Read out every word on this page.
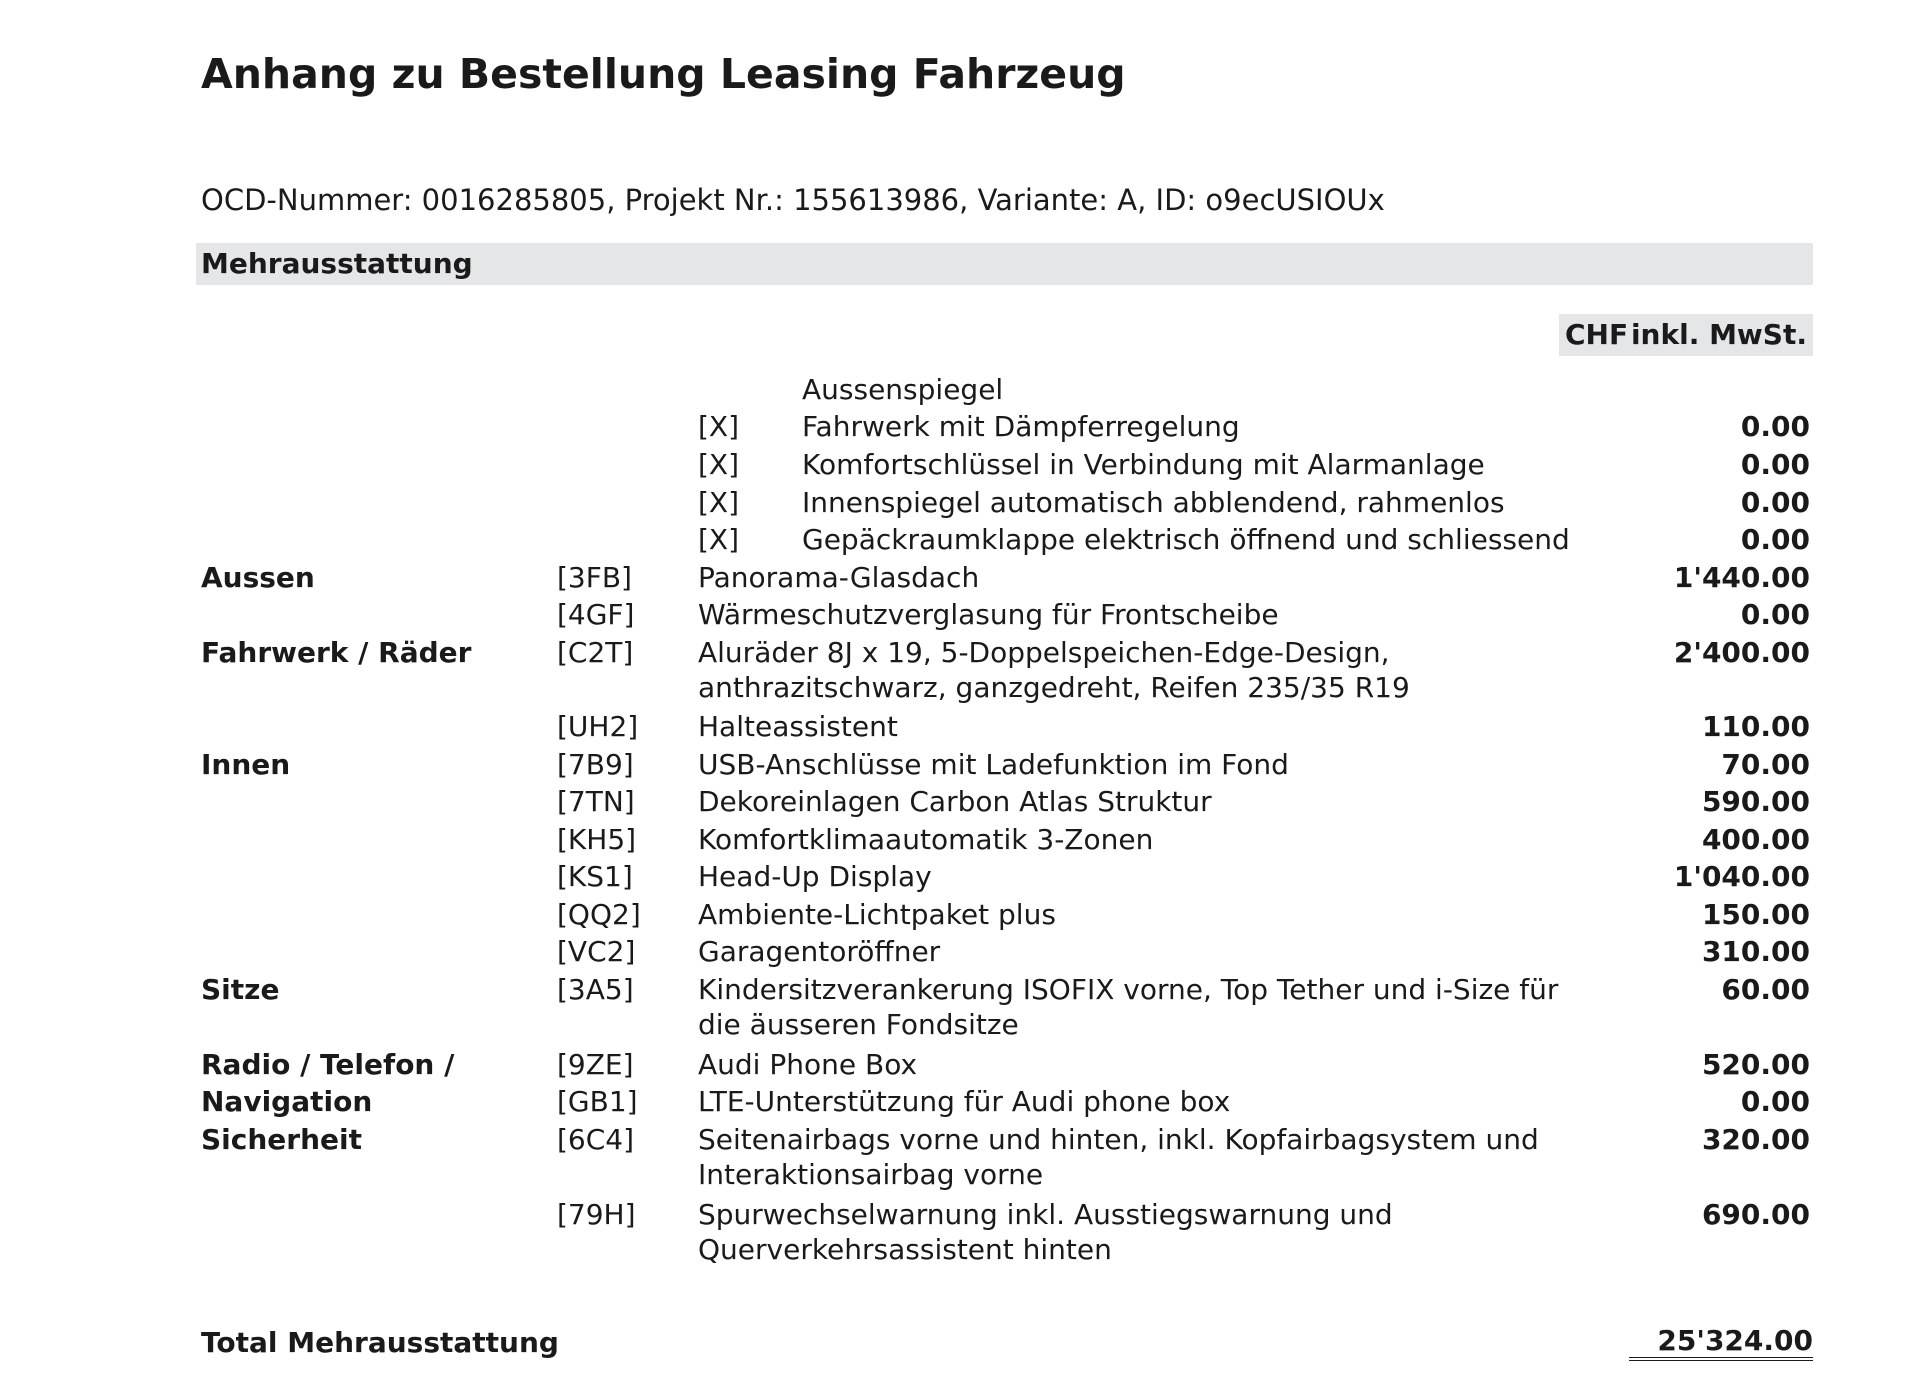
Anhang zu Bestellung Leasing Fahrzeug
OCD-Nummer: 0016285805, Projekt Nr.: 155613986, Variante: A, ID: o9ecUSIOUx
Mehrausstattung
CHF inkl. MwSt.
Aussenspiegel
[X] Fahrwerk mit Dämpferregelung	0.00
[X] Komfortschlüssel in Verbindung mit Alarmanlage	0.00
[X] Innenspiegel automatisch abblendend, rahmenlos	0.00
[X] Gepäckraumklappe elektrisch öffnend und schliessend	0.00
Aussen	[3FB] Panorama-Glasdach	1'440.00
[4GF] Wärmeschutzverglasung für Frontscheibe	0.00
Fahrwerk / Räder	[C2T] Aluräder 8J x 19, 5-Doppelspeichen-Edge-Design,	2'400.00
anthrazitschwarz, ganzgedreht, Reifen 235/35 R19
[UH2] Halteassistent	110.00
Innen	[7B9] USB-Anschlüsse mit Ladefunktion im Fond	70.00
[7TN] Dekoreinlagen Carbon Atlas Struktur	590.00
[KH5] Komfortklimaautomatik 3-Zonen	400.00
[KS1] Head-Up Display	1'040.00
[QQ2] Ambiente-Lichtpaket plus	150.00
[VC2] Garagentoröffner	310.00
Sitze	[3A5] Kindersitzverankerung ISOFIX vorne, Top Tether und i-Size für	60.00
die äusseren Fondsitze
Radio / Telefon /	[9ZE] Audi Phone Box	520.00
Navigation	[GB1] LTE-Unterstützung für Audi phone box	0.00
Sicherheit	[6C4] Seitenairbags vorne und hinten, inkl. Kopfairbagsystem und	320.00
Interaktionsairbag vorne
[79H] Spurwechselwarnung inkl. Ausstiegswarnung und	690.00
Querverkehrsassistent hinten
Total Mehrausstattung	25'324.00
